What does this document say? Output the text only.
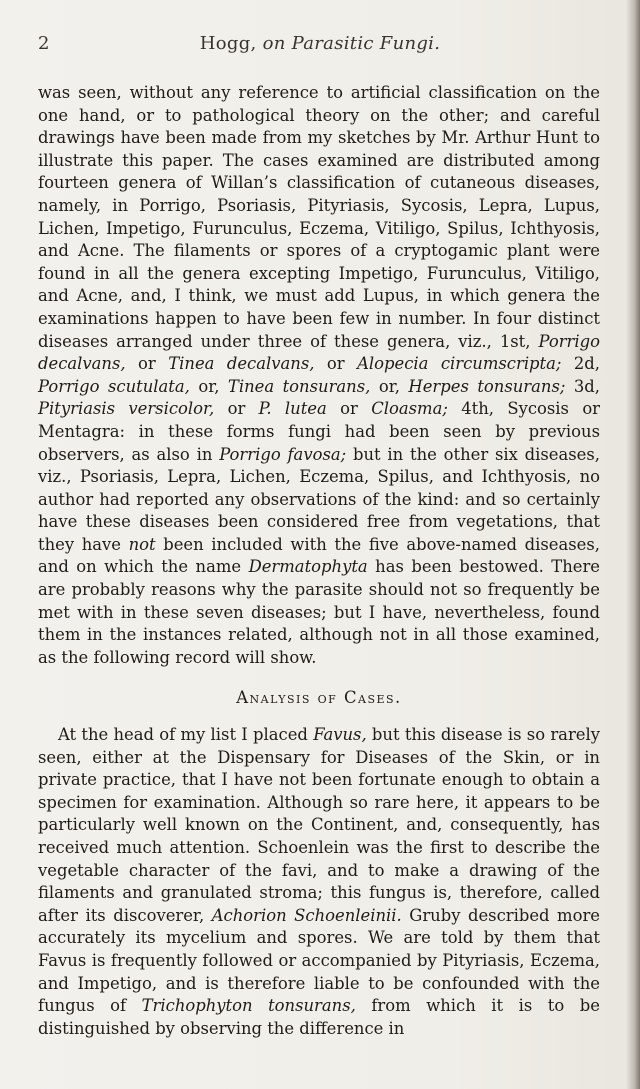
2	Hogg, on Parasitic Fungi.

was seen, without any reference to artificial classification on the one hand, or to pathological theory on the other; and careful drawings have been made from my sketches by Mr. Arthur Hunt to illustrate this paper. The cases examined are distributed among fourteen genera of Willan’s classification of cutaneous diseases, namely, in Porrigo, Psoriasis, Pityriasis, Sycosis, Lepra, Lupus, Lichen, Impetigo, Furunculus, Eczema, Vitiligo, Spilus, Ichthyosis, and Acne. The filaments or spores of a cryptogamic plant were found in all the genera excepting Impetigo, Furunculus, Vitiligo, and Acne, and, I think, we must add Lupus, in which genera the examinations happen to have been few in number. In four distinct diseases arranged under three of these genera, viz., 1st, Porrigo decalvans, or Tinea decalvans, or Alopecia circumscripta; 2d, Porrigo scutulata, or, Tinea tonsurans, or, Herpes tonsurans; 3d, Pityriasis versicolor, or P. lutea or Cloasma; 4th, Sycosis or Mentagra: in these forms fungi had been seen by previous observers, as also in Porrigo favosa; but in the other six diseases, viz., Psoriasis, Lepra, Lichen, Eczema, Spilus, and Ichthyosis, no author had reported any observations of the kind: and so certainly have these diseases been considered free from vegetations, that they have not been included with the five above-named diseases, and on which the name Dermatophyta has been bestowed. There are probably reasons why the parasite should not so frequently be met with in these seven diseases; but I have, nevertheless, found them in the instances related, although not in all those examined, as the following record will show.

Analysis of Cases.

At the head of my list I placed Favus, but this disease is so rarely seen, either at the Dispensary for Diseases of the Skin, or in private practice, that I have not been fortunate enough to obtain a specimen for examination. Although so rare here, it appears to be particularly well known on the Continent, and, consequently, has received much attention. Schoenlein was the first to describe the vegetable character of the favi, and to make a drawing of the filaments and granulated stroma; this fungus is, therefore, called after its discoverer, Achorion Schoenleinii. Gruby described more accurately its mycelium and spores. We are told by them that Favus is frequently followed or accompanied by Pityriasis, Eczema, and Impetigo, and is therefore liable to be confounded with the fungus of Trichophyton tonsurans, from which it is to be distinguished by observing the difference in
